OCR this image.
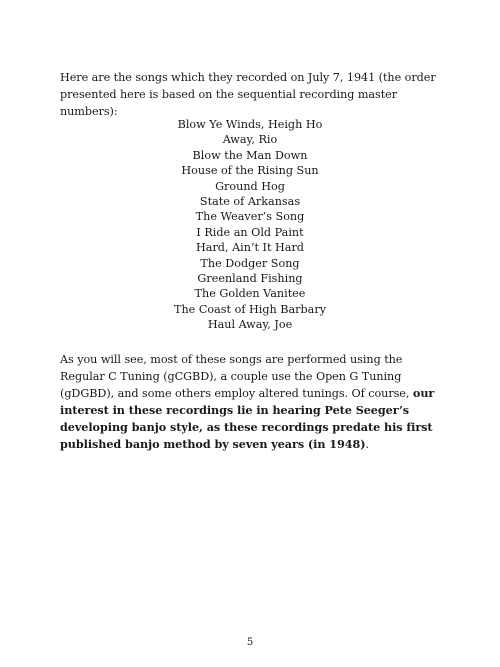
Here are the songs which they recorded on July 7, 1941 (the order presented here is based on the sequential recording master numbers):

Blow Ye Winds, Heigh Ho
Away, Rio
Blow the Man Down
House of the Rising Sun
Ground Hog
State of Arkansas
The Weaver’s Song
I Ride an Old Paint
Hard, Ain’t It Hard
The Dodger Song
Greenland Fishing
The Golden Vanitee
The Coast of High Barbary
Haul Away, Joe

As you will see, most of these songs are performed using the Regular C Tuning (gCGBD), a couple use the Open G Tuning (gDGBD), and some others employ altered tunings. Of course, our interest in these recordings lie in hearing Pete Seeger’s developing banjo style, as these recordings predate his first published banjo method by seven years (in 1948).

5
